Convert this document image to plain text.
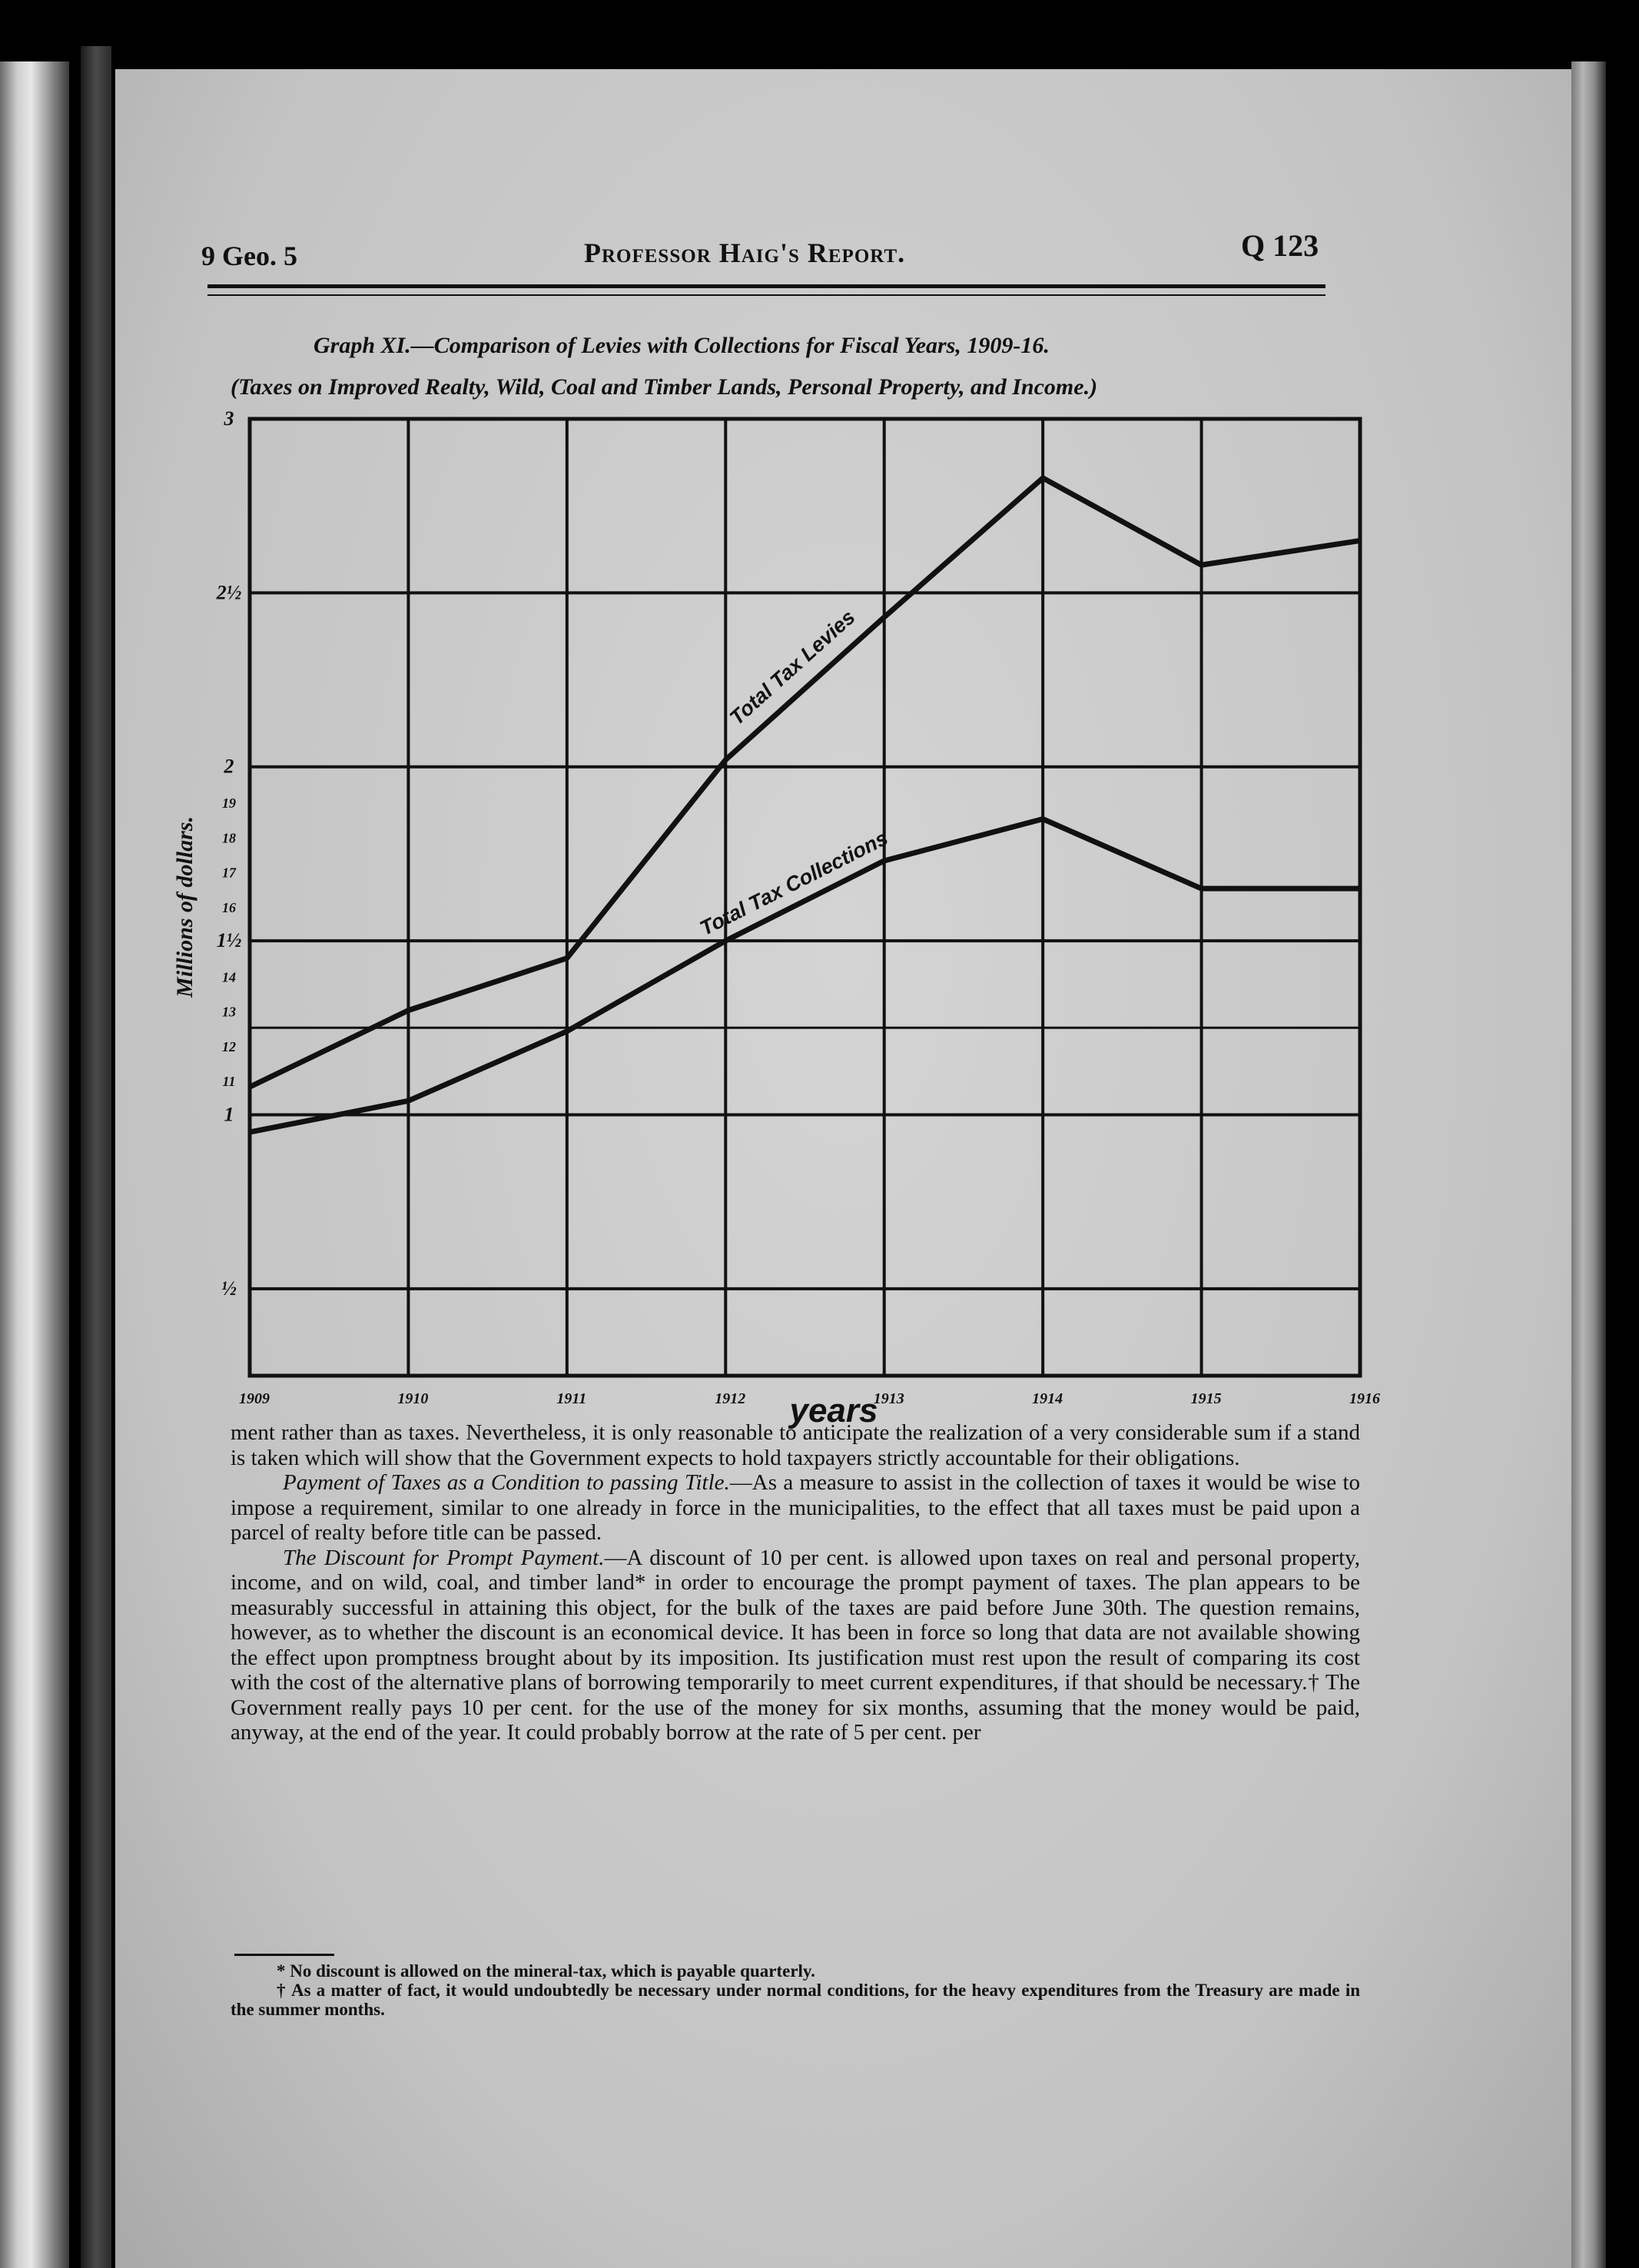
9 Geo. 5	Professor Haig's Report.	Q 123
Graph XI.—Comparison of Levies with Collections for Fiscal Years, 1909-16.
(Taxes on Improved Realty, Wild, Coal and Timber Lands, Personal Property, and Income.)
3
2½
2
19
18
17
16
1½
14
13
12
11
1
½
1909	1910	1911	1912	1913	1914	1915	1916
years
Millions of dollars.
Total Tax Levies
Total Tax Collections

ment rather than as taxes. Nevertheless, it is only reasonable to anticipate the realization of a very considerable sum if a stand is taken which will show that the Government expects to hold taxpayers strictly accountable for their obligations.

Payment of Taxes as a Condition to passing Title.—As a measure to assist in the collection of taxes it would be wise to impose a requirement, similar to one already in force in the municipalities, to the effect that all taxes must be paid upon a parcel of realty before title can be passed.

The Discount for Prompt Payment.—A discount of 10 per cent. is allowed upon taxes on real and personal property, income, and on wild, coal, and timber land* in order to encourage the prompt payment of taxes. The plan appears to be measurably successful in attaining this object, for the bulk of the taxes are paid before June 30th. The question remains, however, as to whether the discount is an economical device. It has been in force so long that data are not available showing the effect upon promptness brought about by its imposition. Its justification must rest upon the result of comparing its cost with the cost of the alternative plans of borrowing temporarily to meet current expenditures, if that should be necessary.† The Government really pays 10 per cent. for the use of the money for six months, assuming that the money would be paid, anyway, at the end of the year. It could probably borrow at the rate of 5 per cent. per

* No discount is allowed on the mineral-tax, which is payable quarterly.
† As a matter of fact, it would undoubtedly be necessary under normal conditions, for the heavy expenditures from the Treasury are made in the summer months.
